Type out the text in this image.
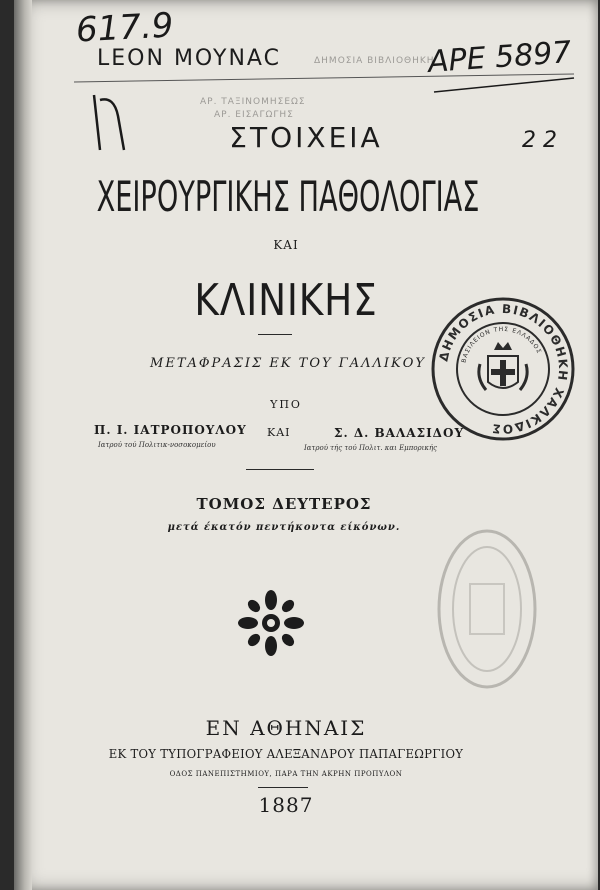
ΔΗΜΟΣΙΑ ΒΙΒΛΙΟΘΗΚΗ
ΑΡ. ΤΑΞΙΝΟΜΗΣΕΩΣ
ΑΡ. ΕΙΣΑΓΩΓΗΣ
617.9
ΑΡΕ 5897
2 2
LEON MOYNAC
ΣΤΟΙΧΕΙΑ
ΧΕΙΡΟΥΡΓΙΚΗΣ ΠΑΘΟΛΟΓΙΑΣ
ΚΑΙ
ΚΛΙΝΙΚΗΣ
ΜΕΤΑΦΡΑΣΙΣ ΕΚ ΤΟΥ ΓΑΛΛΙΚΟΥ
ΥΠΟ
Π. Ι. ΙΑΤΡΟΠΟΥΛΟΥ
Ιατρού τού Πολιτικ-νοσοκομείου
ΚΑΙ	Σ. Δ. ΒΑΛΑΣΙΔΟΥ
Ιατρού τής τού Πολιτ. και Εμπορικής
ΤΟΜΟΣ ΔΕΥΤΕΡΟΣ
μετά έκατόν πεντήκοντα είκόνων.
ΕΝ ΑΘΗΝΑΙΣ
ΕΚ ΤΟΥ ΤΥΠΟΓΡΑΦΕΙΟΥ ΑΛΕΞΑΝΔΡΟΥ ΠΑΠΑΓΕΩΡΓΙΟΥ
ΟΔΟΣ ΠΑΝΕΠΙΣΤΗΜΙΟΥ, ΠΑΡΑ ΤΗΝ ΑΚΡΗΝ ΠΡΟΠΥΛΟΝ
1887
ΔΗΜΟΣΙΑ ΒΙΒΛΙΟΘΗΚΗ ΧΑΛΚΙΔΟΣ
ΒΑΣΙΛΕΙΟΝ ΤΗΣ ΕΛΛΑΔΟΣ
